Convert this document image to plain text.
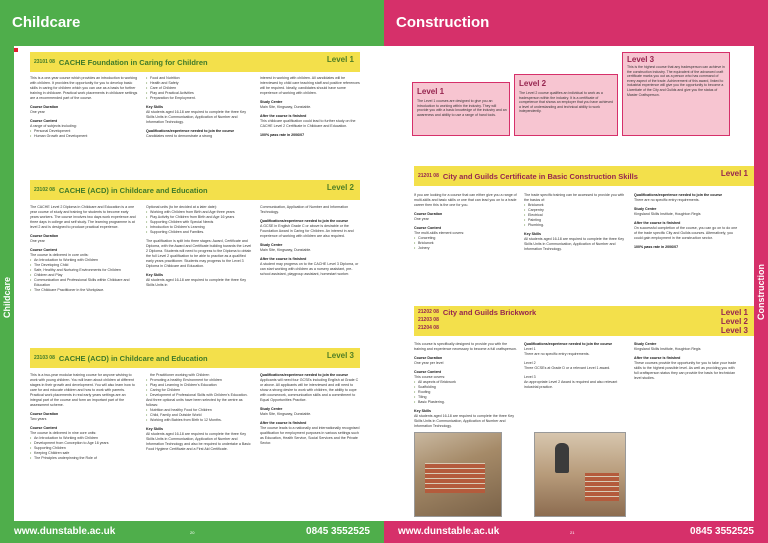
Childcare
Childcare
23101 08 CACHE Foundation in Caring for Children	Level 1

This is a one-year course which provides an introduction to working with children. It provides the opportunity for you to develop basic skills in caring for children which you can use as a basis for further training in childcare. Practical work placements in childcare settings are a recommended part of the course.

Course Duration

One year

Course Content
A range of subjects including:
• Personal Development
• Human Growth and Development
• Food and Nutrition
• Health and Safety
• Care of Children
• Play and Practical Activities
• Preparation for Employment.
Key Skills

All students aged 16-18 are required to complete the three Key Skills Units in Communication, Application of Number and Information Technology.

Qualifications/experience needed to join the course

Candidates need to demonstrate a strong

interest in working with children. All candidates will be interviewed by child care teaching staff and positive references will be required. Ideally, candidates should have some experience of working with children.

Study Centre

Main Site, Kingsway, Dunstable.

After the course is finished

This childcare qualification could lead to further study on the CACHE Level 2 Certificate in Childcare and Education.

100% pass rate in 2006/07
23102 08 CACHE (ACD) in Childcare and Education	Level 2

The CACHE Level 2 Diploma in Childcare and Education is a one year course of study and training for students to become early years workers. The course involves two days work experience and three days in college and self study. The learning programme is at level 2 and is designed to produce practical experience.

Course Duration

One year

Course Content
The course is delivered in core units:
• An Introduction to Working with Children
• The Developing Child
• Safe, Healthy and Nurturing Environments for Children
• Children and Play
• Communication and Professional Skills within Childcare and Education
• The Childcare Practitioner in the Workplace.
Optional units (to be decided at a later date):
• Working with Children from Birth and Age three years
• Play Activity for Children from Birth and Age 16 years
• Supporting Children with Special Needs
• Introduction to Children's Learning
• Supporting Children and Families.

The qualification is split into three stages: Award, Certificate and Diploma, with the Award and Certificate building towards the Level 2 Diploma. Students will need to progress to the Diploma to obtain the full Level 2 qualification to be able to practice as a qualified early years practitioner. Students may progress to the Level 3 Diploma in Childcare and Education.

Key Skills

All students aged 16-18 are required to complete the three Key Skills Units in

Communication, Application of Number and Information Technology.

Qualifications/experience needed to join the course

A GCSE in English Grade C or above is desirable or the Foundation Award in Caring for Children. An interest in and experience of working with children are also required.

Study Centre

Main Site, Kingsway, Dunstable.

After the course is finished

A student may progress on to the CACHE Level 3 Diploma, or can start working with children as a nursery assistant, pre-school assistant, playgroup assistant, homestart worker.

23103 08 CACHE (ACD) in Childcare and Education	Level 3

This is a two-year modular training course for anyone wishing to work with young children. You will learn about children at different stages in their growth and development. You will also learn how to care for and educate children and how to work with parents. Practical work placements in real early years settings are an integral part of the course and form an important part of the assessment scheme.

Course Duration

Two years

Course Content
The course is delivered in nine core units:
• An Introduction to Working with Children
• Development from Conception to Age 16 years
• Supporting Children
• Keeping Children safe
• The Principles underpinning the Role of
the Practitioner working with Children
• Promoting a healthy Environment for children
• Play and Learning in Children's Education
• Caring for Children
• Development of Professional Skills with Children's Education.
And three optional units have been selected by the centre as follows:
• Nutrition and healthy Food for Children
• Child, Family and Outside World
• Working with Babies from Birth to 12 Months.
Key Skills

All students aged 16-18 are required to complete the three Key Skills Units in Communication, Application of Number and Information Technology and also be required to undertake a Basic Food Hygiene Certificate and a First Aid Certificate.

Qualifications/experience needed to join the course

Applicants will need four GCSEs including English at Grade C or above. All applicants will be interviewed and will need to show a strong desire to work with children, the ability to cope with coursework, communication skills and a commitment to Equal Opportunities Practice.

Study Centre

Main Site, Kingsway, Dunstable.

After the course is finished

The course leads to a nationally and internationally recognised qualification for employment purposes in various settings such as Education, Health Service, Social Services and the Private Sector.

www.dunstable.ac.uk	0845 3552525
20
Construction
Construction
Level 1
The Level 1 courses are designed to give you an introduction to working within the industry. They will provide you with a basic knowledge of the industry and an awareness and ability to use a range of hand tools.
Level 2
The Level 2 course qualifies an individual to work as a tradesperson within the industry. It is a certificate of competence that shows an employer that you have achieved a level of understanding and technical ability to work independently.
Level 3
This is the highest course that any tradesperson can achieve in the construction industry. The equivalent of the advanced craft certificate marks you out as a person who has command of every aspect of the trade. Achievement of this award, linked to industrial experience will give you the opportunity to become a Licentiate of the City and Guilds and give you the status of Master Craftsperson.
21201 08 City and Guilds Certificate in Basic Construction Skills	Level 1

If you are looking for a course that can either give you a range of multi-skills and basic skills or one that can lead you on to a trade career then this is the one for you.

Course Duration

One year

Course Content
The multi-skills element covers:
• Concreting
• Brickwork
• Joinery
The trade specific training can be accessed to provide you with the basics of:
• Brickwork
• Carpentry
• Electrical
• Painting
• Plumbing.
Key Skills

All students aged 16-18 are required to complete the three Key Skills Units in Communication, Application of Number and Information Technology.

Qualifications/experience needed to join the course

There are no specific entry requirements.

Study Centre

Kingsland Skills Institute, Houghton Regis

After the course is finished

On successful completion of the course, you can go on to do one of the trade specific City and Guilds courses. Alternatively, you could gain employment in the construction sector.

100% pass rate in 2006/07
21202 08
21203 08
21204 08
City and Guilds Brickwork	Level 1
Level 2
Level 3

This course is specifically designed to provide you with the training and experience necessary to become a full craftsperson.

Course Duration

One year per level

Course Content
This course covers:
• All aspects of Brickwork
• Scaffolding
• Roofing
• Tiling
• Basic Plastering.
Key Skills

All students aged 16-18 are required to complete the three Key Skills Units in Communication, Application of Number and Information Technology.

Qualifications/experience needed to join the course
Level 1

There are no specific entry requirements.

Level 2

Three GCSEs at Grade D or a relevant Level 1 award.

Level 3

An appropriate Level 2 Award is required and also relevant industrial practice.

Study Centre

Kingsland Skills Institute, Houghton Regis

After the course is finished

These courses provide the opportunity for you to take your trade skills to the highest possible level. As well as providing you with full craftsperson status they can provide the basis for technician level studies.

www.dunstable.ac.uk	0845 3552525
21
